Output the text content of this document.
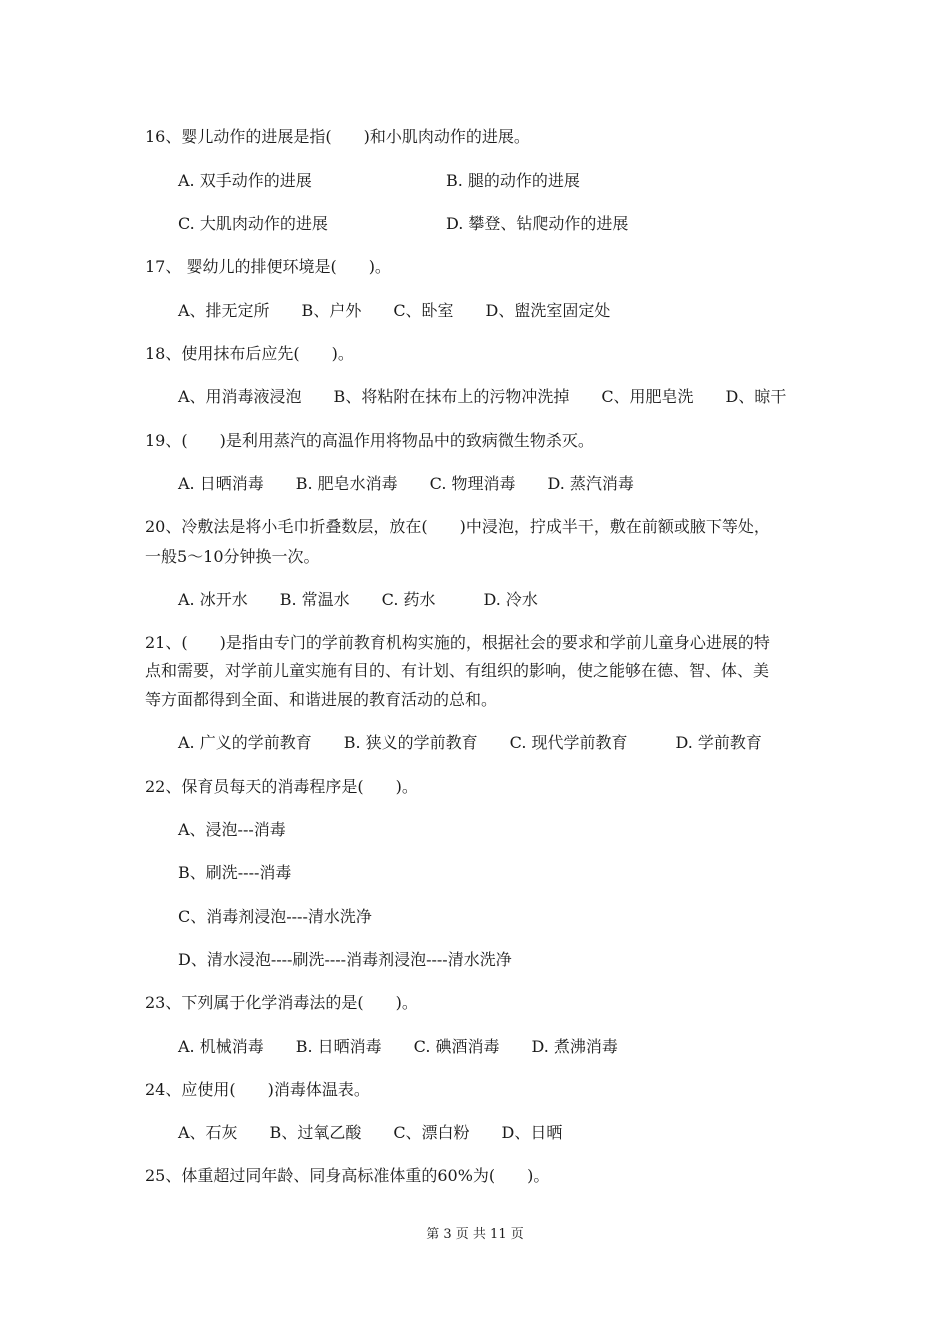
16、婴儿动作的进展是指(　　)和小肌肉动作的进展。
A. 双手动作的进展	B. 腿的动作的进展
C. 大肌肉动作的进展	D. 攀登、钻爬动作的进展
17、 婴幼儿的排便环境是(　　)。
A、排无定所　　B、户外　　C、卧室　　D、盥洗室固定处
18、使用抹布后应先(　　)。
A、用消毒液浸泡　　B、将粘附在抹布上的污物冲洗掉　　C、用肥皂洗　　D、晾干
19、(　　)是利用蒸汽的高温作用将物品中的致病微生物杀灭。
A. 日晒消毒　　B. 肥皂水消毒　　C. 物理消毒　　D. 蒸汽消毒
20、冷敷法是将小毛巾折叠数层，放在(　　)中浸泡，拧成半干，敷在前额或腋下等处，
一般5～10分钟换一次。
A. 冰开水　　B. 常温水　　C. 药水　　　D. 冷水
21、(　　)是指由专门的学前教育机构实施的，根据社会的要求和学前儿童身心进展的特
点和需要，对学前儿童实施有目的、有计划、有组织的影响，使之能够在德、智、体、美
等方面都得到全面、和谐进展的教育活动的总和。
A. 广义的学前教育　　B. 狭义的学前教育　　C. 现代学前教育　　　D. 学前教育
22、保育员每天的消毒程序是(　　)。
A、浸泡---消毒
B、刷洗----消毒
C、消毒剂浸泡----清水洗净
D、清水浸泡----刷洗----消毒剂浸泡----清水洗净
23、下列属于化学消毒法的是(　　)。
A. 机械消毒　　B. 日晒消毒　　C. 碘酒消毒　　D. 煮沸消毒
24、应使用(　　)消毒体温表。
A、石灰　　B、过氧乙酸　　C、漂白粉　　D、日晒
25、体重超过同年龄、同身高标准体重的60%为(　　)。
第 3 页 共 11 页
